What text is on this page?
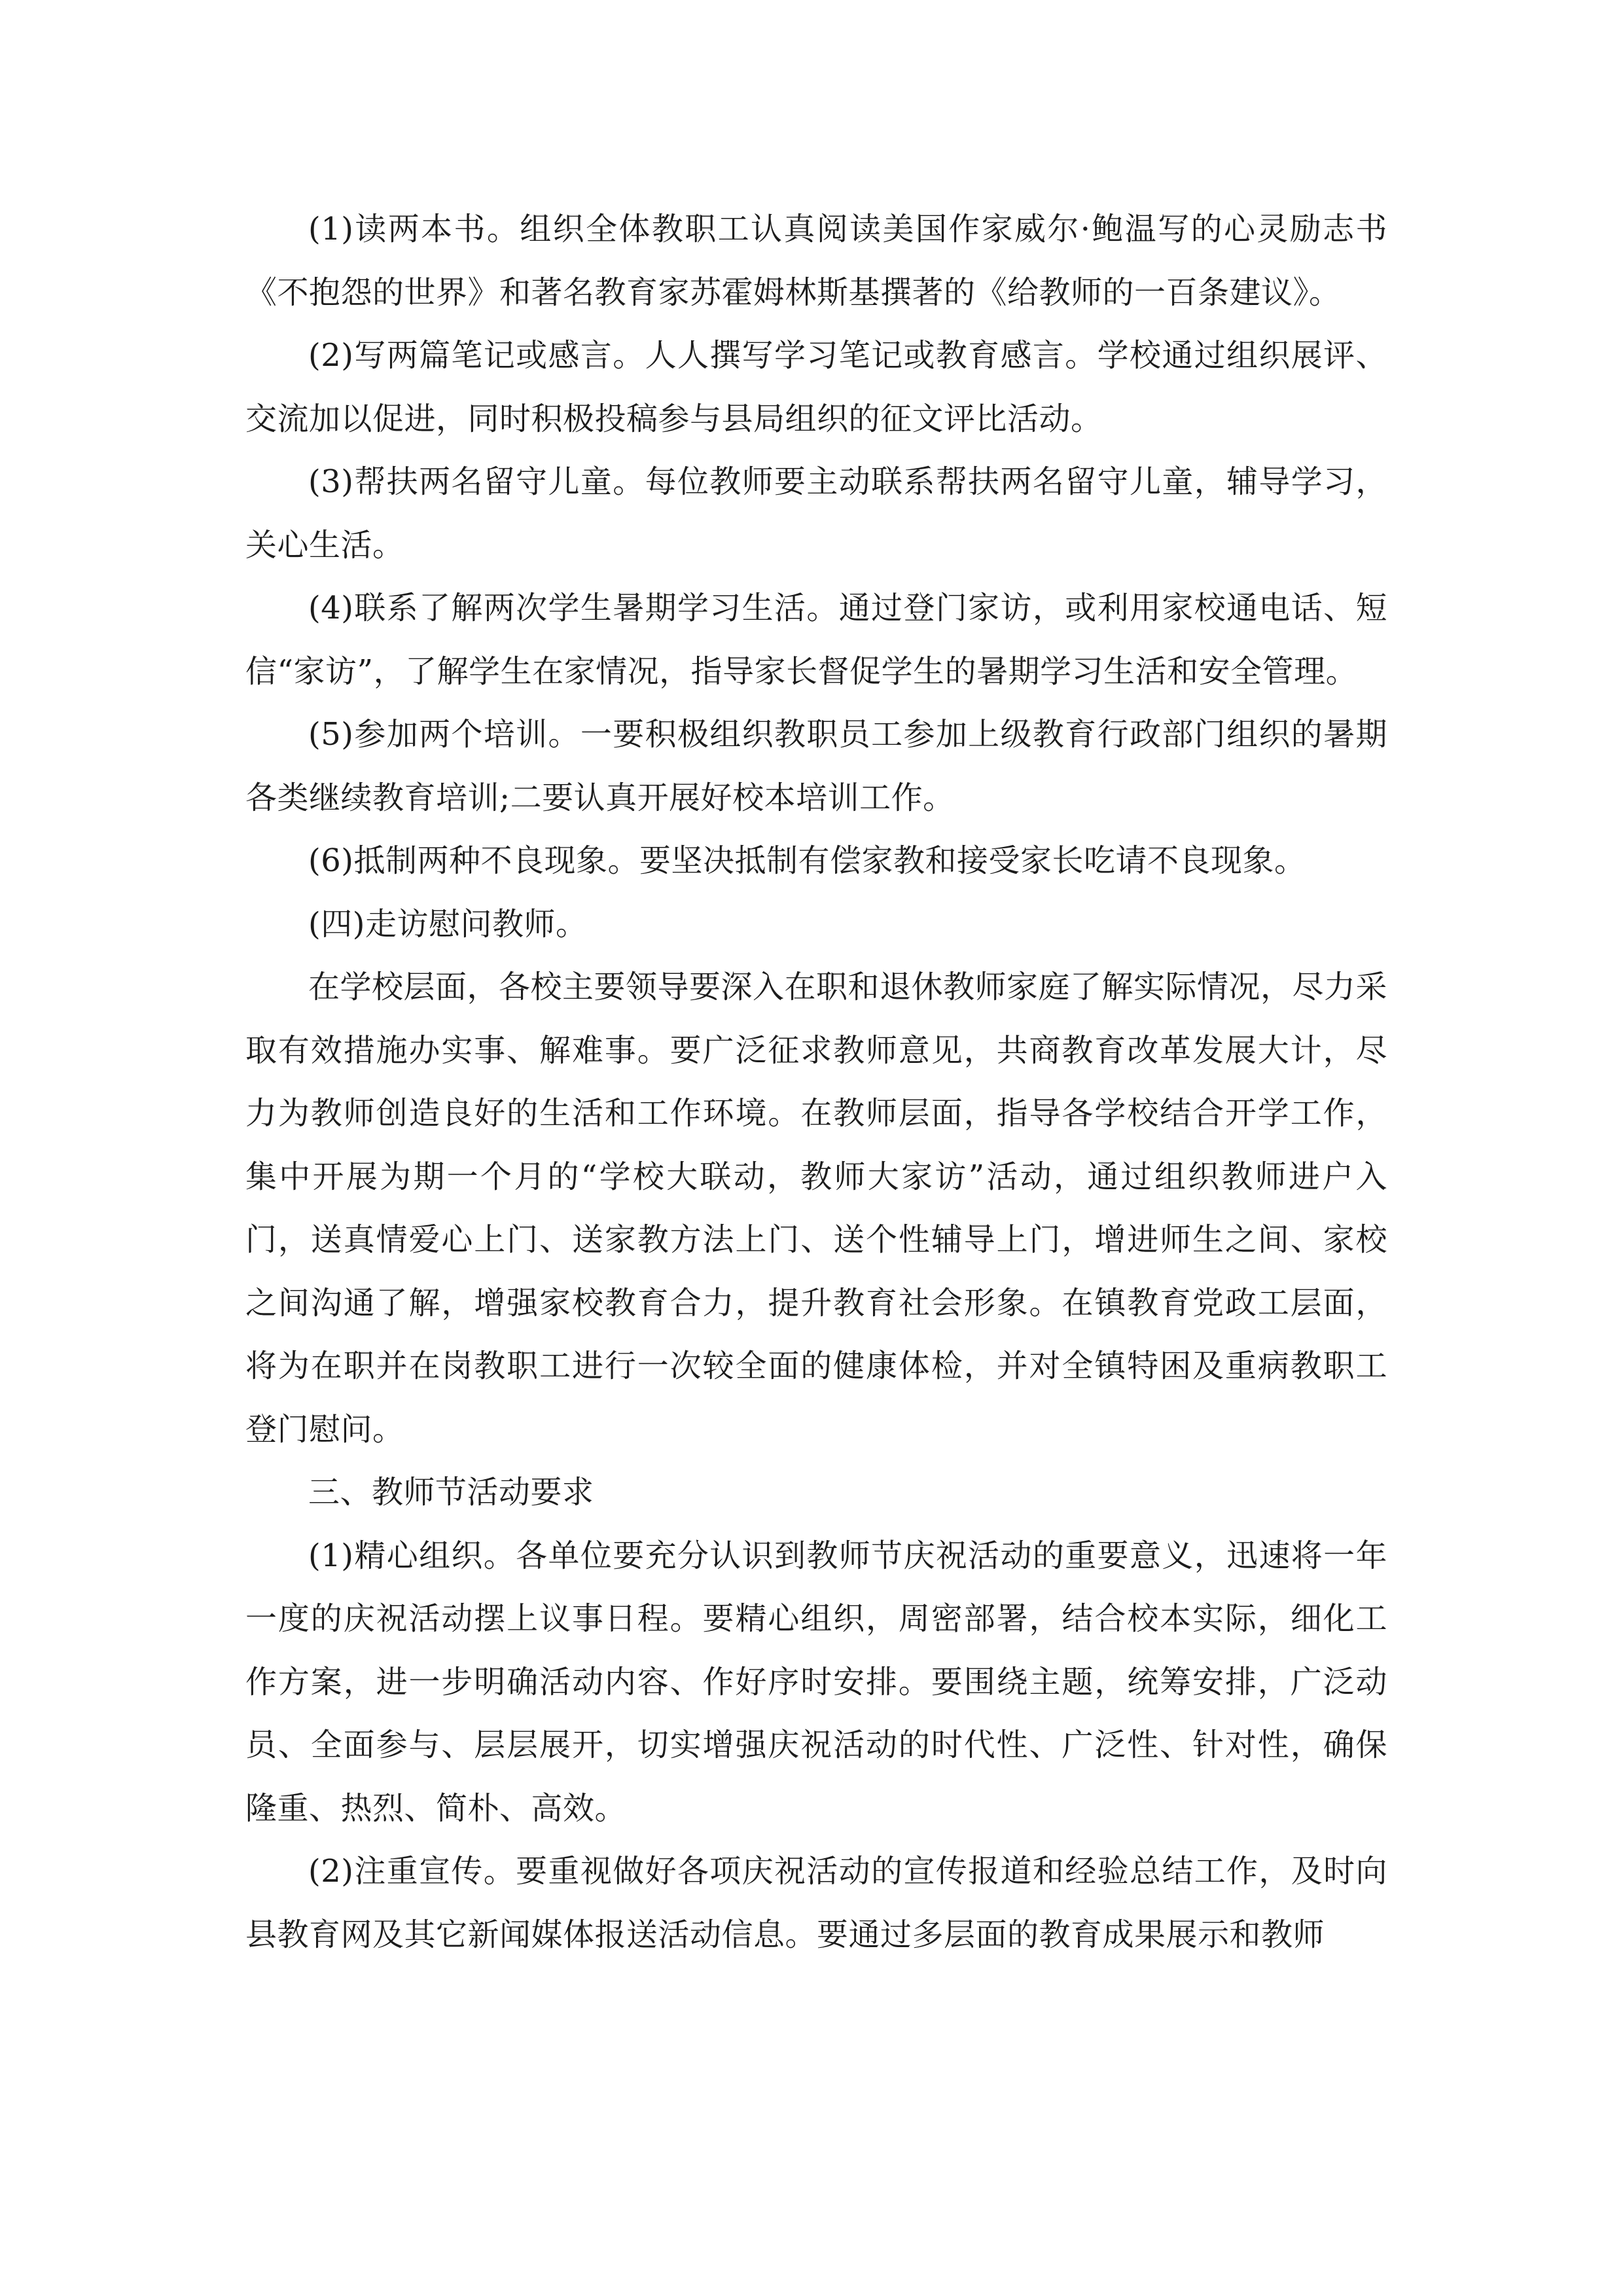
(1)读两本书。组织全体教职工认真阅读美国作家威尔·鲍温写的心灵励志书《不抱怨的世界》和著名教育家苏霍姆林斯基撰著的《给教师的一百条建议》。

(2)写两篇笔记或感言。人人撰写学习笔记或教育感言。学校通过组织展评、交流加以促进，同时积极投稿参与县局组织的征文评比活动。

(3)帮扶两名留守儿童。每位教师要主动联系帮扶两名留守儿童，辅导学习，关心生活。

(4)联系了解两次学生暑期学习生活。通过登门家访，或利用家校通电话、短信“家访”，了解学生在家情况，指导家长督促学生的暑期学习生活和安全管理。

(5)参加两个培训。一要积极组织教职员工参加上级教育行政部门组织的暑期各类继续教育培训;二要认真开展好校本培训工作。

(6)抵制两种不良现象。要坚决抵制有偿家教和接受家长吃请不良现象。

(四)走访慰问教师。

在学校层面，各校主要领导要深入在职和退休教师家庭了解实际情况，尽力采取有效措施办实事、解难事。要广泛征求教师意见，共商教育改革发展大计，尽力为教师创造良好的生活和工作环境。在教师层面，指导各学校结合开学工作，集中开展为期一个月的“学校大联动，教师大家访”活动，通过组织教师进户入门，送真情爱心上门、送家教方法上门、送个性辅导上门，增进师生之间、家校之间沟通了解，增强家校教育合力，提升教育社会形象。在镇教育党政工层面，将为在职并在岗教职工进行一次较全面的健康体检，并对全镇特困及重病教职工登门慰问。

三、教师节活动要求

(1)精心组织。各单位要充分认识到教师节庆祝活动的重要意义，迅速将一年一度的庆祝活动摆上议事日程。要精心组织，周密部署，结合校本实际，细化工作方案，进一步明确活动内容、作好序时安排。要围绕主题，统筹安排，广泛动员、全面参与、层层展开，切实增强庆祝活动的时代性、广泛性、针对性，确保隆重、热烈、简朴、高效。

(2)注重宣传。要重视做好各项庆祝活动的宣传报道和经验总结工作，及时向县教育网及其它新闻媒体报送活动信息。要通过多层面的教育成果展示和教师
